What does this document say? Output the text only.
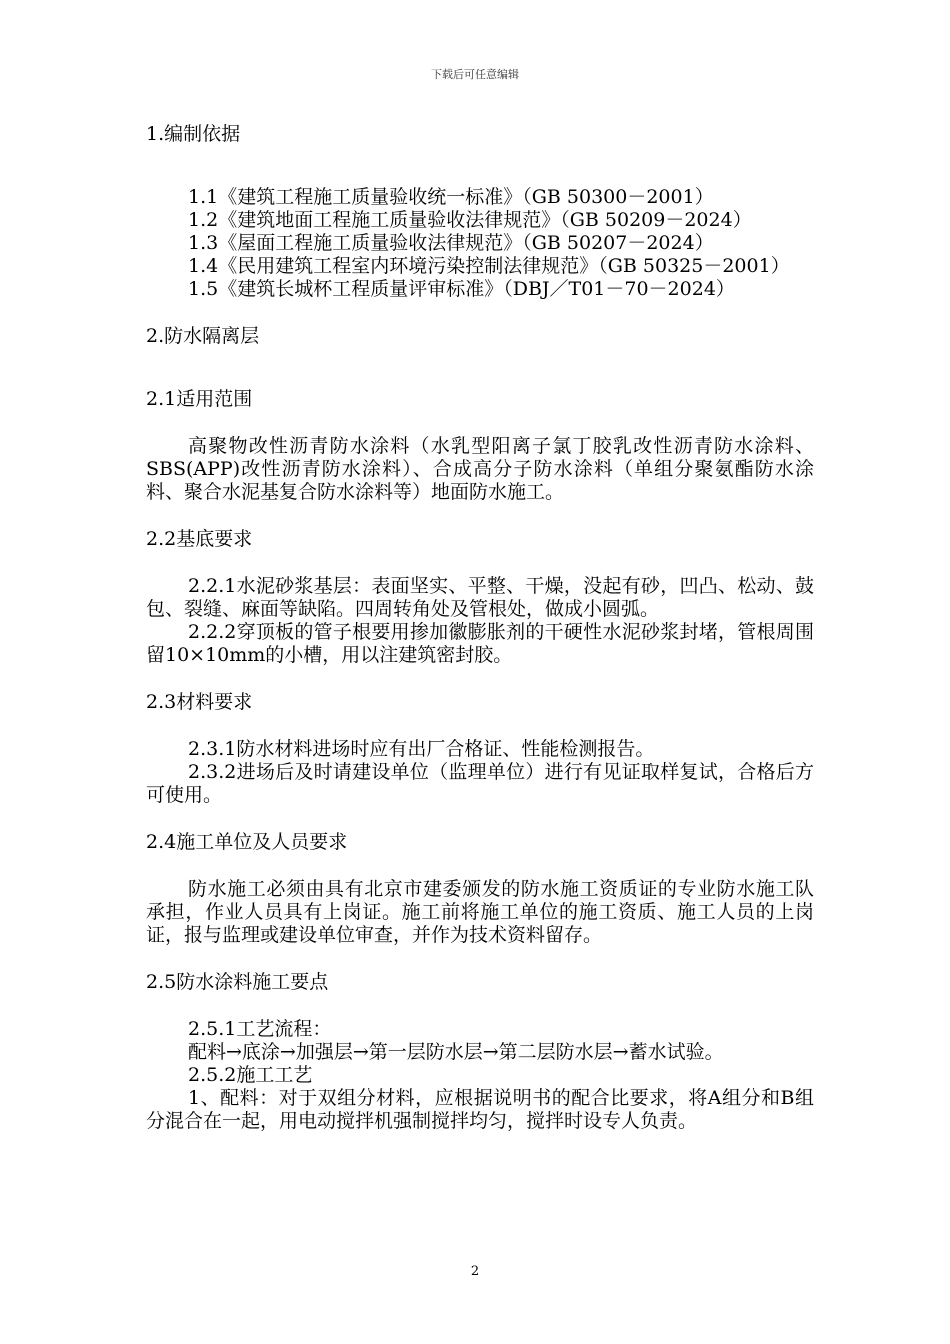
下载后可任意编辑

1.编制依据

1.1《建筑工程施工质量验收统一标准》（GB 50300－2001）

1.2《建筑地面工程施工质量验收法律规范》（GB 50209－2024）

1.3《屋面工程施工质量验收法律规范》（GB 50207－2024）

1.4《民用建筑工程室内环境污染控制法律规范》（GB 50325－2001）

1.5《建筑长城杯工程质量评审标准》（DBJ／T01－70－2024）

2.防水隔离层

2.1适用范围

高聚物改性沥青防水涂料（水乳型阳离子氯丁胶乳改性沥青防水涂料、SBS(APP)改性沥青防水涂料）、合成高分子防水涂料（单组分聚氨酯防水涂料、聚合水泥基复合防水涂料等）地面防水施工。

2.2基底要求

2.2.1水泥砂浆基层：表面坚实、平整、干燥，没起有砂，凹凸、松动、鼓包、裂缝、麻面等缺陷。四周转角处及管根处，做成小圆弧。

2.2.2穿顶板的管子根要用掺加徽膨胀剂的干硬性水泥砂浆封堵，管根周围留10×10mm的小槽，用以注建筑密封胶。

2.3材料要求

2.3.1防水材料进场时应有出厂合格证、性能检测报告。

2.3.2进场后及时请建设单位（监理单位）进行有见证取样复试，合格后方可使用。

2.4施工单位及人员要求

防水施工必须由具有北京市建委颁发的防水施工资质证的专业防水施工队承担，作业人员具有上岗证。施工前将施工单位的施工资质、施工人员的上岗证，报与监理或建设单位审查，并作为技术资料留存。

2.5防水涂料施工要点

2.5.1工艺流程：

配料→底涂→加强层→第一层防水层→第二层防水层→蓄水试验。

2.5.2施工工艺

1、配料：对于双组分材料，应根据说明书的配合比要求，将A组分和B组分混合在一起，用电动搅拌机强制搅拌均匀，搅拌时设专人负责。

2
